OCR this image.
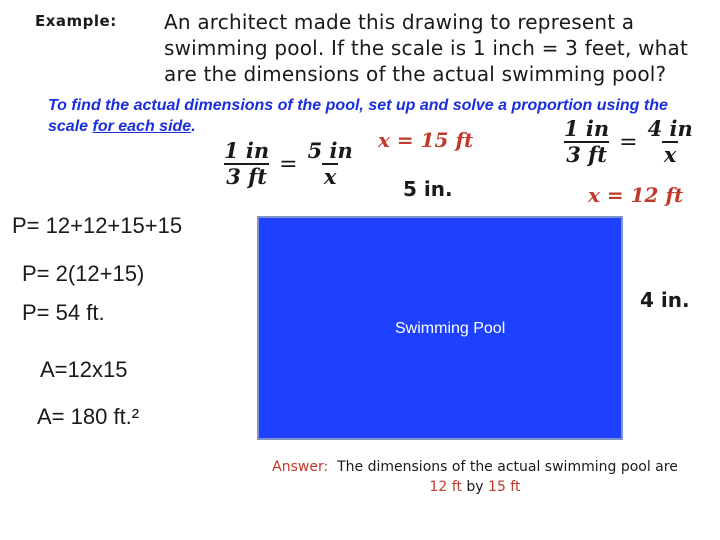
Example: An architect made this drawing to represent a swimming pool. If the scale is 1 inch = 3 feet, what are the dimensions of the actual swimming pool?
To find the actual dimensions of the pool, set up and solve a proportion using the scale for each side.
$\frac{1 in}{3 ft} = \frac{5 in}{x}$ x = 15 ft	$\frac{1 in}{3 ft} = \frac{4 in}{x}$
x = 12 ft
5 in.
Swimming Pool
4 in.
P= 12+12+15+15
P= 2(12+15)
P= 54 ft.
A=12x15
A= 180 ft.²
Answer: The dimensions of the actual swimming pool are
12 ft by 15 ft
